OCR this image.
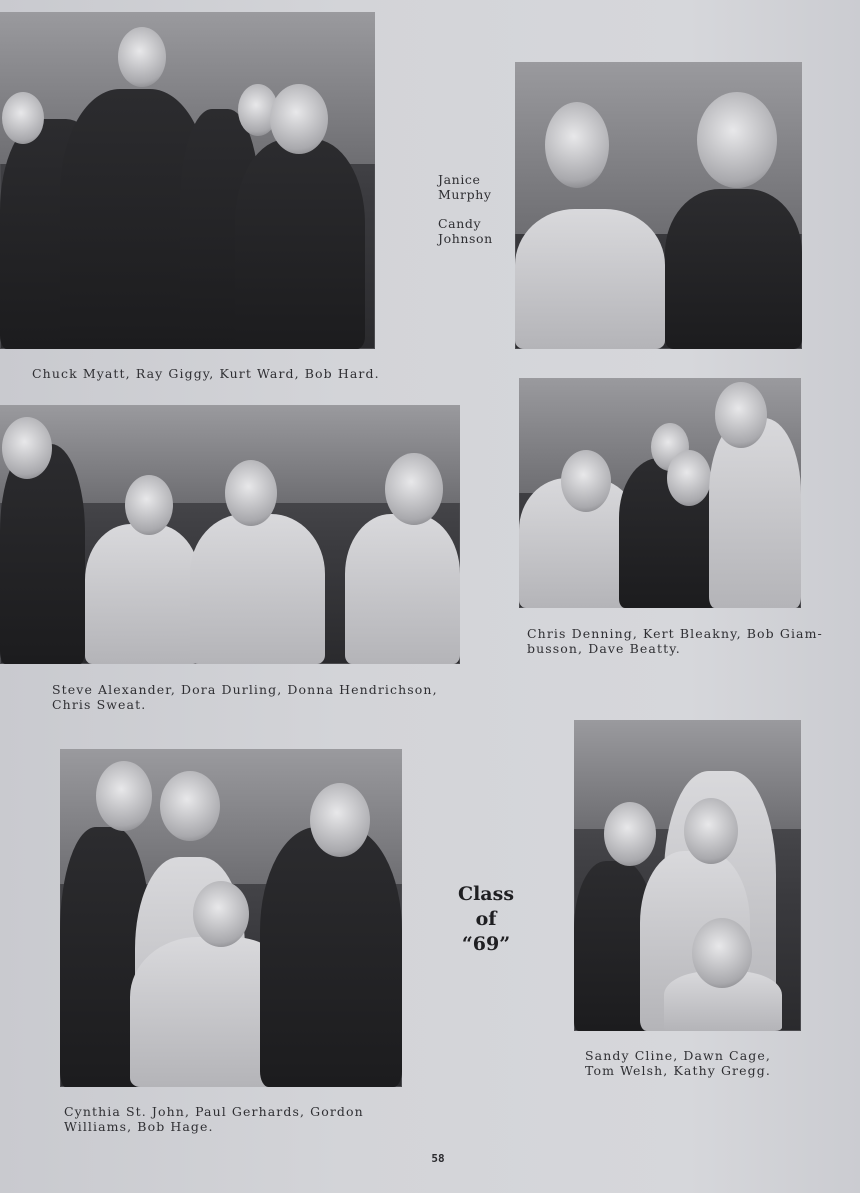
Chuck Myatt, Ray Giggy, Kurt Ward, Bob Hard.
Janice
Murphy
Candy
Johnson
Steve Alexander, Dora Durling, Donna Hendrichson, Chris Sweat.
Chris Denning, Kert Bleakny, Bob Giam-busson, Dave Beatty.
Cynthia St. John, Paul Gerhards, Gordon Williams, Bob Hage.
Class
of
“69”
Sandy Cline, Dawn Cage, Tom Welsh, Kathy Gregg.
58
